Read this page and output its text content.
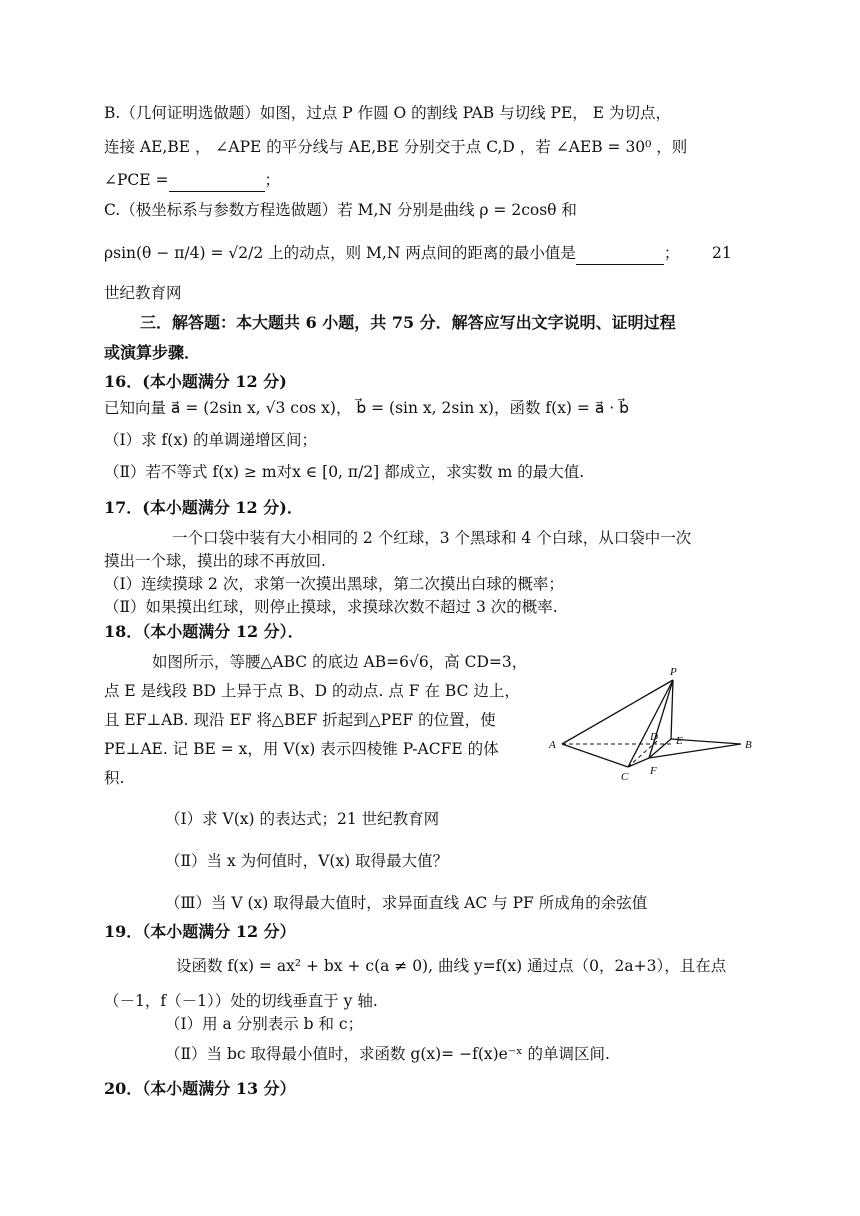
B.（几何证明选做题）如图，过点 P 作圆 O 的割线 PAB 与切线 PE， E 为切点，
连接 AE,BE ， ∠APE 的平分线与 AE,BE 分别交于点 C,D ，若 ∠AEB = 30⁰ ，则
∠PCE =	；
C.（极坐标系与参数方程选做题）若 M,N 分别是曲线 ρ = 2cosθ 和
ρsin(θ − π/4) = √2/2 上的动点，则 M,N 两点间的距离的最小值是	； 21
世纪教育网
三．解答题：本大题共 6 小题，共 75 分．解答应写出文字说明、证明过程
或演算步骤．
16．(本小题满分 12 分)
已知向量 a⃗ = (2sin x, √3 cos x)， b⃗ = (sin x, 2sin x)，函数 f(x) = a⃗ · b⃗
（Ⅰ）求 f(x) 的单调递增区间；
（Ⅱ）若不等式 f(x) ≥ m对x ∈ [0, π/2] 都成立，求实数 m 的最大值.
17．(本小题满分 12 分)．
一个口袋中装有大小相同的 2 个红球，3 个黑球和 4 个白球，从口袋中一次
摸出一个球，摸出的球不再放回.
（Ⅰ）连续摸球 2 次，求第一次摸出黑球，第二次摸出白球的概率；
（Ⅱ）如果摸出红球，则停止摸球，求摸球次数不超过 3 次的概率.
18．（本小题满分 12 分）．
如图所示，等腰△ABC 的底边 AB=6√6，高 CD=3，
点 E 是线段 BD 上异于点 B、D 的动点. 点 F 在 BC 边上，
且 EF⊥AB. 现沿 EF 将△BEF 折起到△PEF 的位置，使
PE⊥AE. 记 BE = x，用 V(x) 表示四棱锥 P-ACFE 的体
积.
（Ⅰ）求 V(x) 的表达式；21 世纪教育网
（Ⅱ）当 x 为何值时，V(x) 取得最大值？
（Ⅲ）当 V (x) 取得最大值时，求异面直线 AC 与 PF 所成角的余弦值
P
A	B
C
D E
F
19．（本小题满分 12 分）
设函数 f(x) = ax² + bx + c(a ≠ 0), 曲线 y=f(x) 通过点（0，2a+3），且在点
（－1，f（－1））处的切线垂直于 y 轴.
（Ⅰ）用 a 分别表示 b 和 c；
（Ⅱ）当 bc 取得最小值时，求函数 g(x)= −f(x)e⁻ˣ 的单调区间.
20．（本小题满分 13 分）
